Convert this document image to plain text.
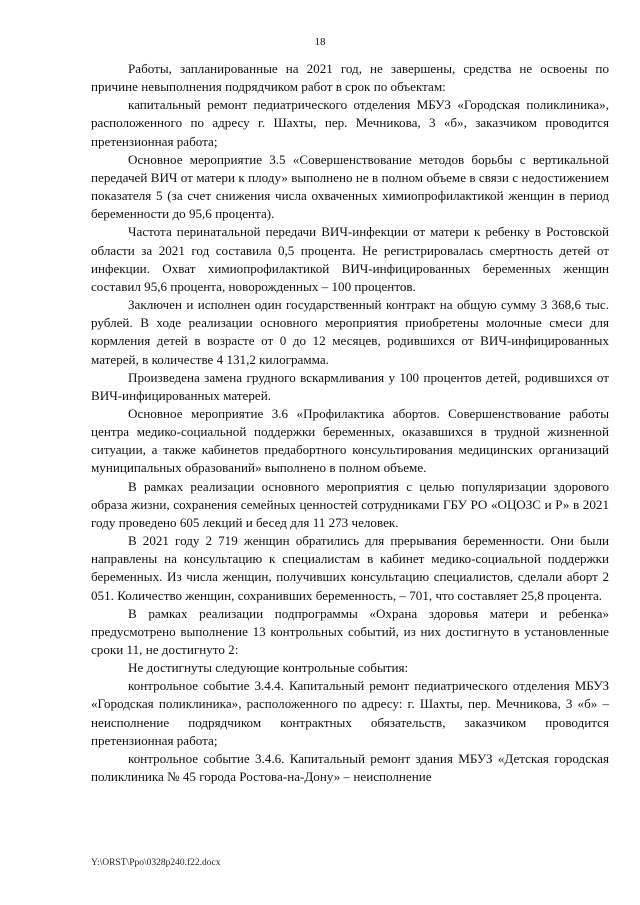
18

Работы, запланированные на 2021 год, не завершены, средства не освоены по причине невыполнения подрядчиком работ в срок по объектам:

капитальный ремонт педиатрического отделения МБУЗ «Городская поликлиника», расположенного по адресу г. Шахты, пер. Мечникова, 3 «б», заказчиком проводится претензионная работа;

Основное мероприятие 3.5 «Совершенствование методов борьбы с вертикальной передачей ВИЧ от матери к плоду» выполнено не в полном объеме в связи с недостижением показателя 5 (за счет снижения числа охваченных химиопрофилактикой женщин в период беременности до 95,6 процента).

Частота перинатальной передачи ВИЧ-инфекции от матери к ребенку в Ростовской области за 2021 год составила 0,5 процента. Не регистрировалась смертность детей от инфекции. Охват химиопрофилактикой ВИЧ-инфицированных беременных женщин составил 95,6 процента, новорожденных – 100 процентов.

Заключен и исполнен один государственный контракт на общую сумму 3 368,6 тыс. рублей. В ходе реализации основного мероприятия приобретены молочные смеси для кормления детей в возрасте от 0 до 12 месяцев, родившихся от ВИЧ-инфицированных матерей, в количестве 4 131,2 килограмма.

Произведена замена грудного вскармливания у 100 процентов детей, родившихся от ВИЧ-инфицированных матерей.

Основное мероприятие 3.6 «Профилактика абортов. Совершенствование работы центра медико-социальной поддержки беременных, оказавшихся в трудной жизненной ситуации, а также кабинетов предабортного консультирования медицинских организаций муниципальных образований» выполнено в полном объеме.

В рамках реализации основного мероприятия с целью популяризации здорового образа жизни, сохранения семейных ценностей сотрудниками ГБУ РО «ОЦОЗС и Р» в 2021 году проведено 605 лекций и бесед для 11 273 человек.

В 2021 году 2 719 женщин обратились для прерывания беременности. Они были направлены на консультацию к специалистам в кабинет медико-социальной поддержки беременных. Из числа женщин, получивших консультацию специалистов, сделали аборт 2 051. Количество женщин, сохранивших беременность, – 701, что составляет 25,8 процента.

В рамках реализации подпрограммы «Охрана здоровья матери и ребенка» предусмотрено выполнение 13 контрольных событий, из них достигнуто в установленные сроки 11, не достигнуто 2:

Не достигнуты следующие контрольные события:

контрольное событие 3.4.4. Капитальный ремонт педиатрического отделения МБУЗ «Городская поликлиника», расположенного по адресу: г. Шахты, пер. Мечникова, 3 «б» – неисполнение подрядчиком контрактных обязательств, заказчиком проводится претензионная работа;

контрольное событие 3.4.6. Капитальный ремонт здания МБУЗ «Детская городская поликлиника № 45 города Ростова-на-Дону» – неисполнение

Y:\ORST\Ppo\0328p240.f22.docx
